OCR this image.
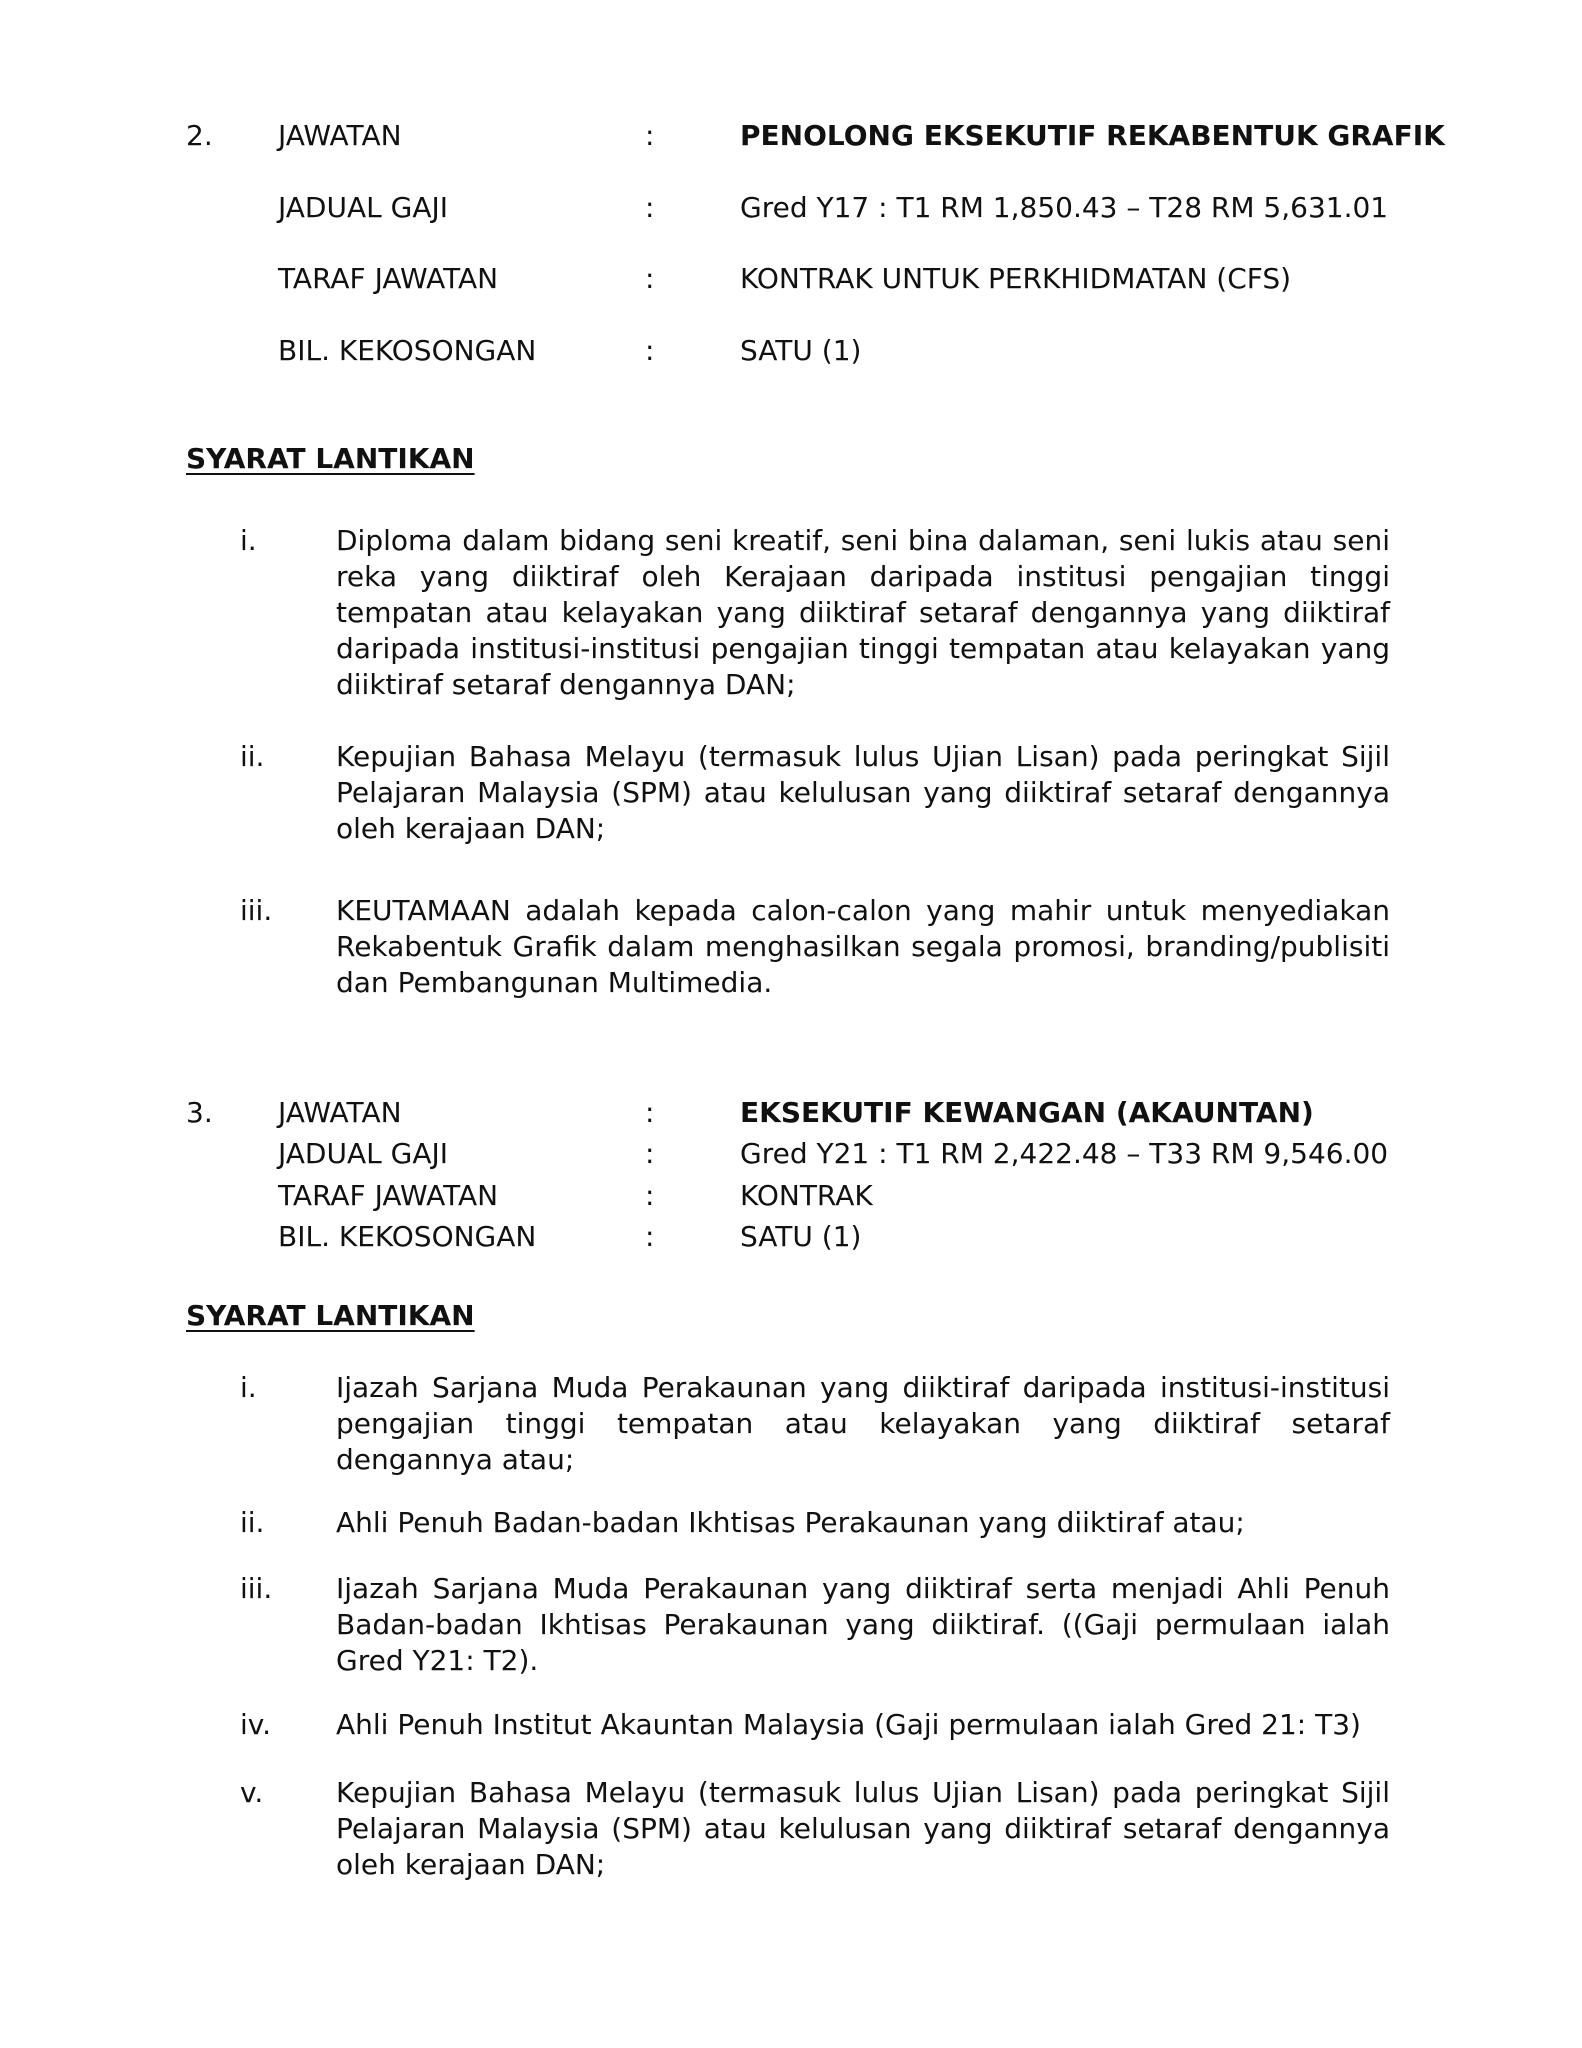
2. JAWATAN	:	PENOLONG EKSEKUTIF REKABENTUK GRAFIK
JADUAL GAJI	:	Gred Y17 : T1 RM 1,850.43 – T28 RM 5,631.01
TARAF JAWATAN	:	KONTRAK UNTUK PERKHIDMATAN (CFS)
BIL. KEKOSONGAN	:	SATU (1)
SYARAT LANTIKAN
i.	Diploma dalam bidang seni kreatif, seni bina dalaman, seni lukis atau seni reka yang diiktiraf oleh Kerajaan daripada institusi pengajian tinggi tempatan atau kelayakan yang diiktiraf setaraf dengannya yang diiktiraf daripada institusi-institusi pengajian tinggi tempatan atau kelayakan yang diiktiraf setaraf dengannya DAN;
ii.	Kepujian Bahasa Melayu (termasuk lulus Ujian Lisan) pada peringkat Sijil Pelajaran Malaysia (SPM) atau kelulusan yang diiktiraf setaraf dengannya oleh kerajaan DAN;
iii. KEUTAMAAN adalah kepada calon-calon yang mahir untuk menyediakan Rekabentuk Grafik dalam menghasilkan segala promosi, branding/publisiti dan Pembangunan Multimedia.
3. JAWATAN	:	EKSEKUTIF KEWANGAN (AKAUNTAN)
JADUAL GAJI	:	Gred Y21 : T1 RM 2,422.48 – T33 RM 9,546.00
TARAF JAWATAN	:	KONTRAK
BIL. KEKOSONGAN	:	SATU (1)
SYARAT LANTIKAN
i.	Ijazah Sarjana Muda Perakaunan yang diiktiraf daripada institusi-institusi pengajian tinggi tempatan atau kelayakan yang diiktiraf setaraf dengannya atau;
ii.	Ahli Penuh Badan-badan Ikhtisas Perakaunan yang diiktiraf atau;
iii. Ijazah Sarjana Muda Perakaunan yang diiktiraf serta menjadi Ahli Penuh Badan-badan Ikhtisas Perakaunan yang diiktiraf. ((Gaji permulaan ialah Gred Y21: T2).
iv. Ahli Penuh Institut Akauntan Malaysia (Gaji permulaan ialah Gred 21: T3)
v.	Kepujian Bahasa Melayu (termasuk lulus Ujian Lisan) pada peringkat Sijil Pelajaran Malaysia (SPM) atau kelulusan yang diiktiraf setaraf dengannya oleh kerajaan DAN;
